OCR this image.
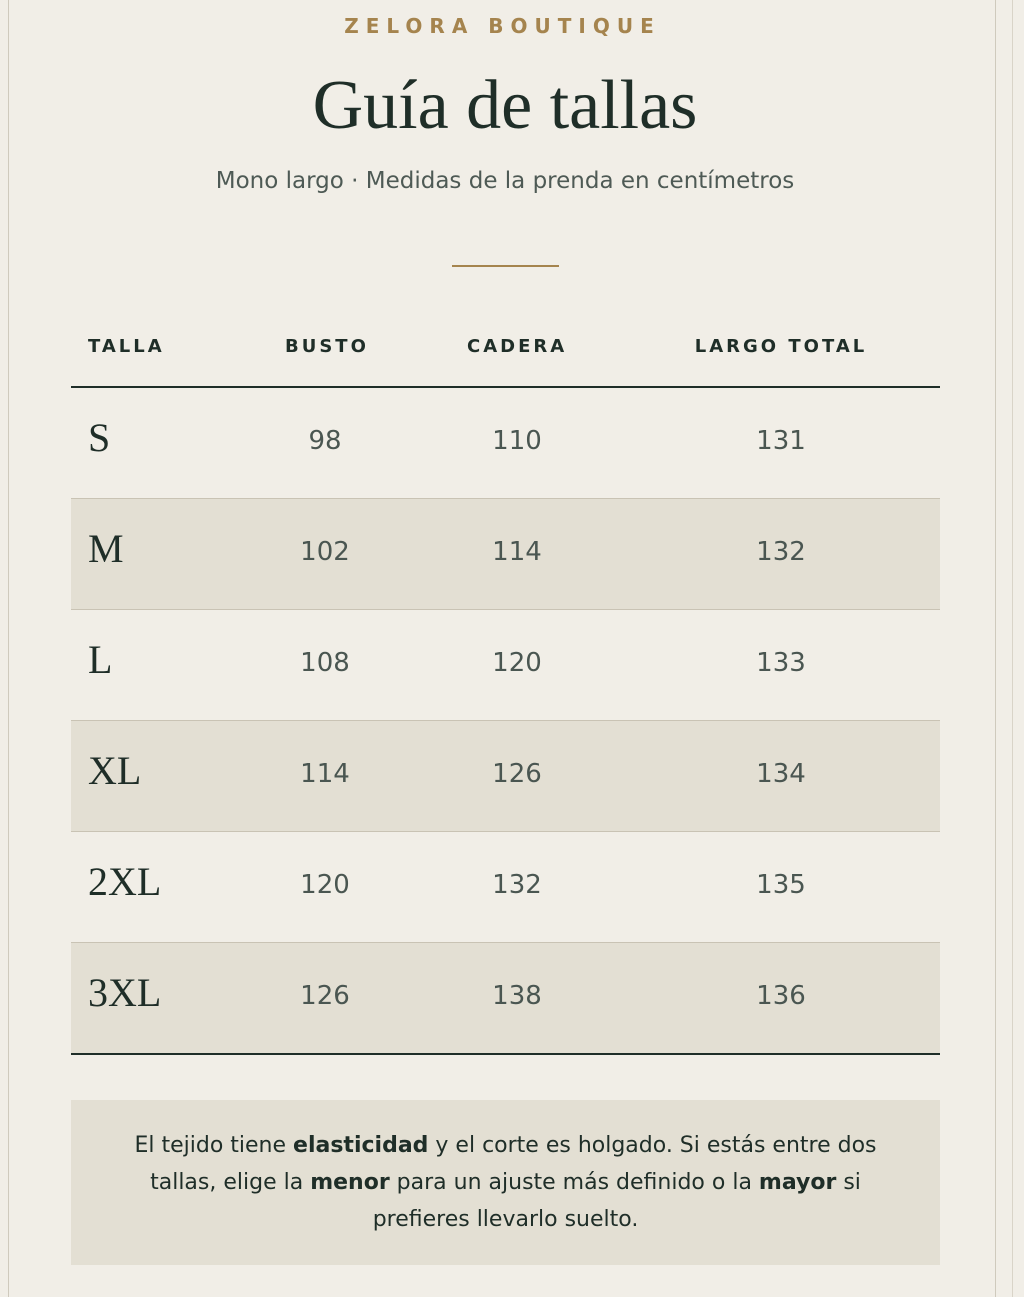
ZELORA BOUTIQUE
Guía de tallas
Mono largo · Medidas de la prenda en centímetros
TALLA	BUSTO	CADERA	LARGO TOTAL
S	98	110	131
M	102	114	132
L	108	120	133
XL	114	126	134
2XL	120	132	135
3XL	126	138	136
El tejido tiene elasticidad y el corte es holgado. Si estás entre dos tallas, elige la menor para un ajuste más definido o la mayor si prefieres llevarlo suelto.
